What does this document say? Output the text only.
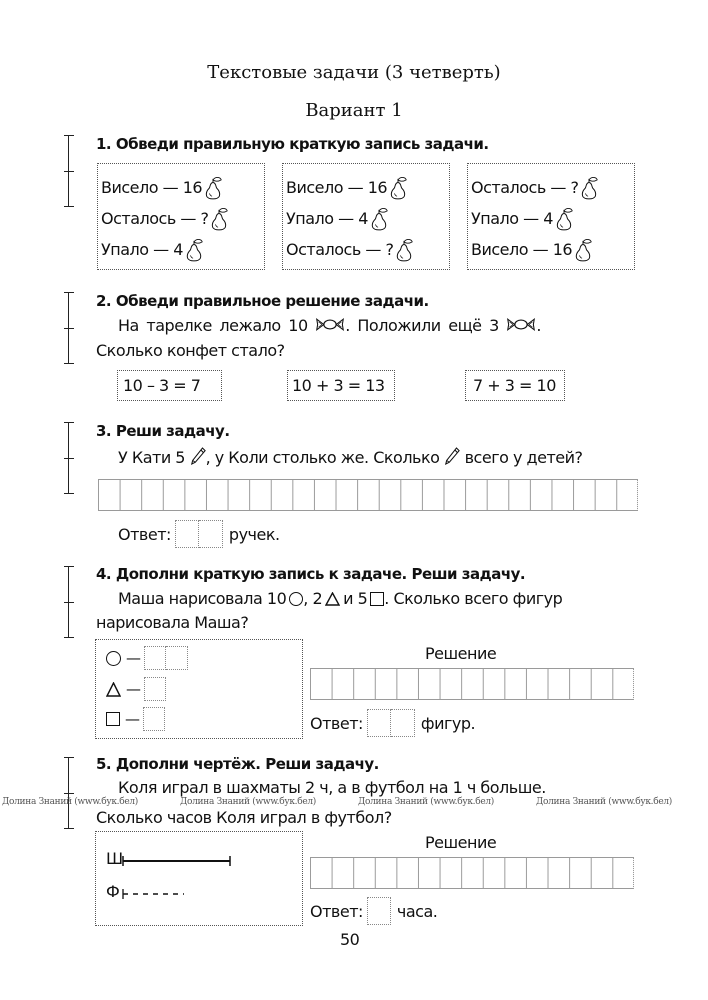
Текстовые задачи (3 четверть)
Вариант 1
1. Обведи правильную краткую запись задачи.
Висело
—
16
Осталось
—
?
Упало
—
4
Висело
—
16
Упало
—
4
Осталось
—
?
Осталось
—
?
Упало
—
4
Висело
—
16
2. Обведи правильное решение задачи.
На тарелке лежало 10 . Положили ещё 3 .
Сколько конфет стало?
10 – 3 = 7	10 + 3 = 13	7 + 3 = 10
3. Реши задачу.
У Кати 5 , у Коли столько же. Сколько всего у детей?
Ответ:	ручек.
4. Дополни краткую запись к задаче. Реши задачу.
Маша нарисовала 10 , 2 и 5 . Сколько всего фигур
нарисовала Маша?
—
—
—
Решение
Ответ:	фигур.
5. Дополни чертёж. Реши задачу.
Коля играл в шахматы 2 ч, а в футбол на 1 ч больше.
Сколько часов Коля играл в футбол?
Долина Знаний (www.бук.бел)	Долина Знаний (www.бук.бел)	Долина Знаний (www.бук.бел)	Долина Знаний (www.бук.бел)
Ш
Ф
Решение
Ответ: часа.
50
